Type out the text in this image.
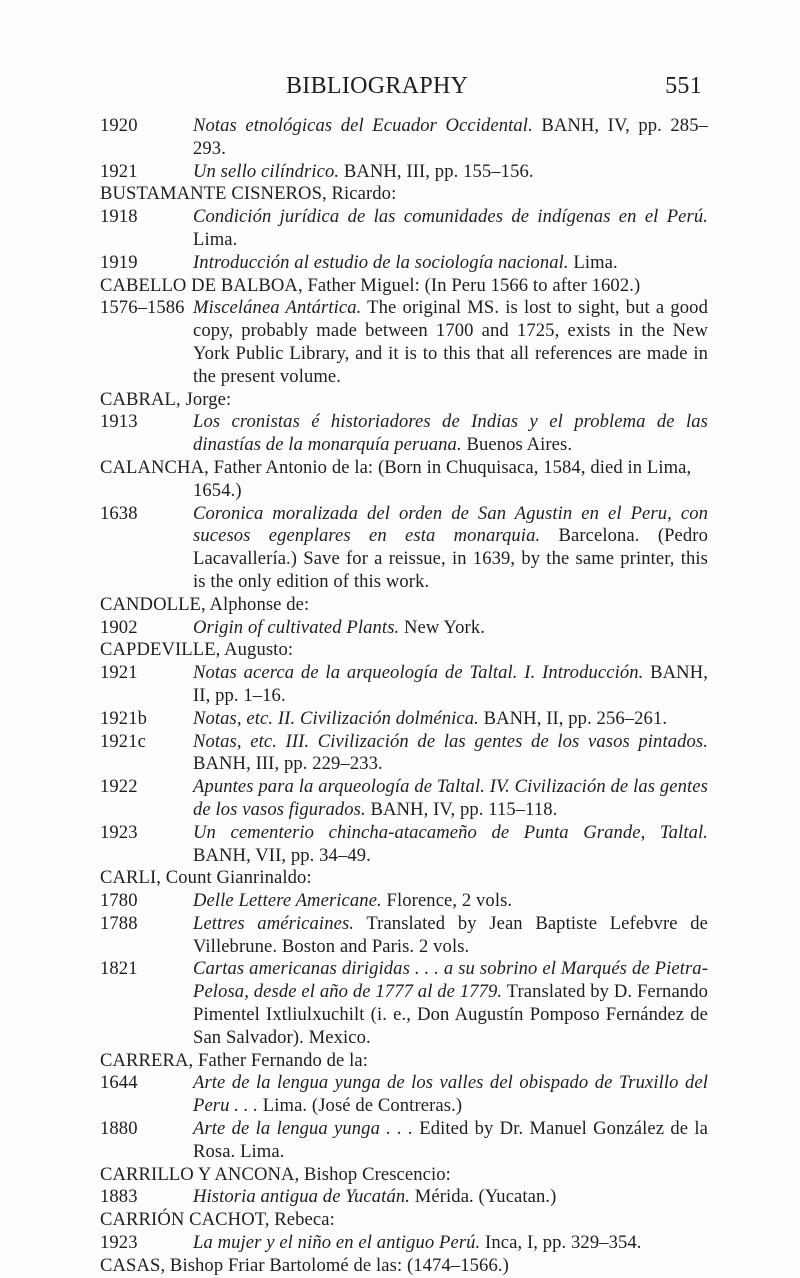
BIBLIOGRAPHY	551
1920	Notas etnológicas del Ecuador Occidental. BANH, IV, pp. 285–293.
1921	Un sello cilíndrico. BANH, III, pp. 155–156.
BUSTAMANTE CISNEROS, Ricardo:
1918	Condición jurídica de las comunidades de indígenas en el Perú. Lima.
1919	Introducción al estudio de la sociología nacional. Lima.
CABELLO DE BALBOA, Father Miguel: (In Peru 1566 to after 1602.)
1576–1586 Miscelánea Antártica. The original MS. is lost to sight, but a good copy, probably made between 1700 and 1725, exists in the New York Public Library, and it is to this that all references are made in the present volume.
CABRAL, Jorge:
1913	Los cronistas é historiadores de Indias y el problema de las dinastías de la monarquía peruana. Buenos Aires.
CALANCHA, Father Antonio de la: (Born in Chuquisaca, 1584, died in Lima, 1654.)
1638	Coronica moralizada del orden de San Agustin en el Peru, con sucesos egenplares en esta monarquia. Barcelona. (Pedro Lacavallería.) Save for a reissue, in 1639, by the same printer, this is the only edition of this work.
CANDOLLE, Alphonse de:
1902	Origin of cultivated Plants. New York.
CAPDEVILLE, Augusto:
1921	Notas acerca de la arqueología de Taltal. I. Introducción. BANH, II, pp. 1–16.
1921b Notas, etc. II. Civilización dolménica. BANH, II, pp. 256–261.
1921c	Notas, etc. III. Civilización de las gentes de los vasos pintados. BANH, III, pp. 229–233.
1922	Apuntes para la arqueología de Taltal. IV. Civilización de las gentes de los vasos figurados. BANH, IV, pp. 115–118.
1923	Un cementerio chincha-atacameño de Punta Grande, Taltal. BANH, VII, pp. 34–49.
CARLI, Count Gianrinaldo:
1780	Delle Lettere Americane. Florence, 2 vols.
1788	Lettres américaines. Translated by Jean Baptiste Lefebvre de Villebrune. Boston and Paris. 2 vols.
1821	Cartas americanas dirigidas . . . a su sobrino el Marqués de Pietra-Pelosa, desde el año de 1777 al de 1779. Translated by D. Fernando Pimentel Ixtliulxuchilt (i. e., Don Augustín Pomposo Fernández de San Salvador). Mexico.
CARRERA, Father Fernando de la:
1644	Arte de la lengua yunga de los valles del obispado de Truxillo del Peru . . . Lima. (José de Contreras.)
1880	Arte de la lengua yunga . . . Edited by Dr. Manuel González de la Rosa. Lima.
CARRILLO Y ANCONA, Bishop Crescencio:
1883	Historia antigua de Yucatán. Mérida. (Yucatan.)
CARRIÓN CACHOT, Rebeca:
1923	La mujer y el niño en el antiguo Perú. Inca, I, pp. 329–354.
CASAS, Bishop Friar Bartolomé de las: (1474–1566.)
